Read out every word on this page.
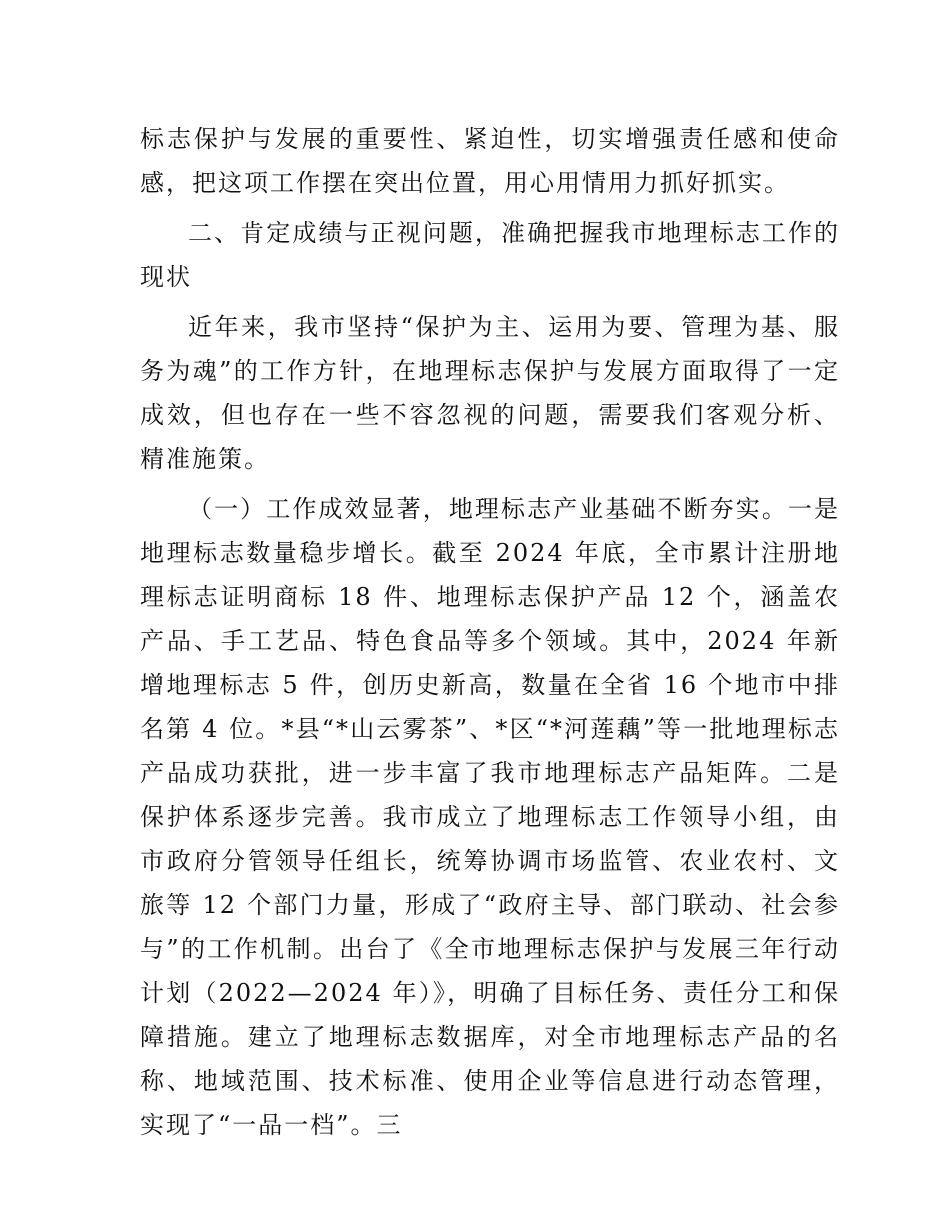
标志保护与发展的重要性、紧迫性，切实增强责任感和使命感，把这项工作摆在突出位置，用心用情用力抓好抓实。

二、肯定成绩与正视问题，准确把握我市地理标志工作的现状

近年来，我市坚持“保护为主、运用为要、管理为基、服务为魂”的工作方针，在地理标志保护与发展方面取得了一定成效，但也存在一些不容忽视的问题，需要我们客观分析、精准施策。

（一）工作成效显著，地理标志产业基础不断夯实。一是地理标志数量稳步增长。截至 2024 年底，全市累计注册地理标志证明商标 18 件、地理标志保护产品 12 个，涵盖农产品、手工艺品、特色食品等多个领域。其中，2024 年新增地理标志 5 件，创历史新高，数量在全省 16 个地市中排名第 4 位。*县“*山云雾茶”、*区“*河莲藕”等一批地理标志产品成功获批，进一步丰富了我市地理标志产品矩阵。二是保护体系逐步完善。我市成立了地理标志工作领导小组，由市政府分管领导任组长，统筹协调市场监管、农业农村、文旅等 12 个部门力量，形成了“政府主导、部门联动、社会参与”的工作机制。出台了《全市地理标志保护与发展三年行动计划（2022—2024 年）》，明确了目标任务、责任分工和保障措施。建立了地理标志数据库，对全市地理标志产品的名称、地域范围、技术标准、使用企业等信息进行动态管理，实现了“一品一档”。三
